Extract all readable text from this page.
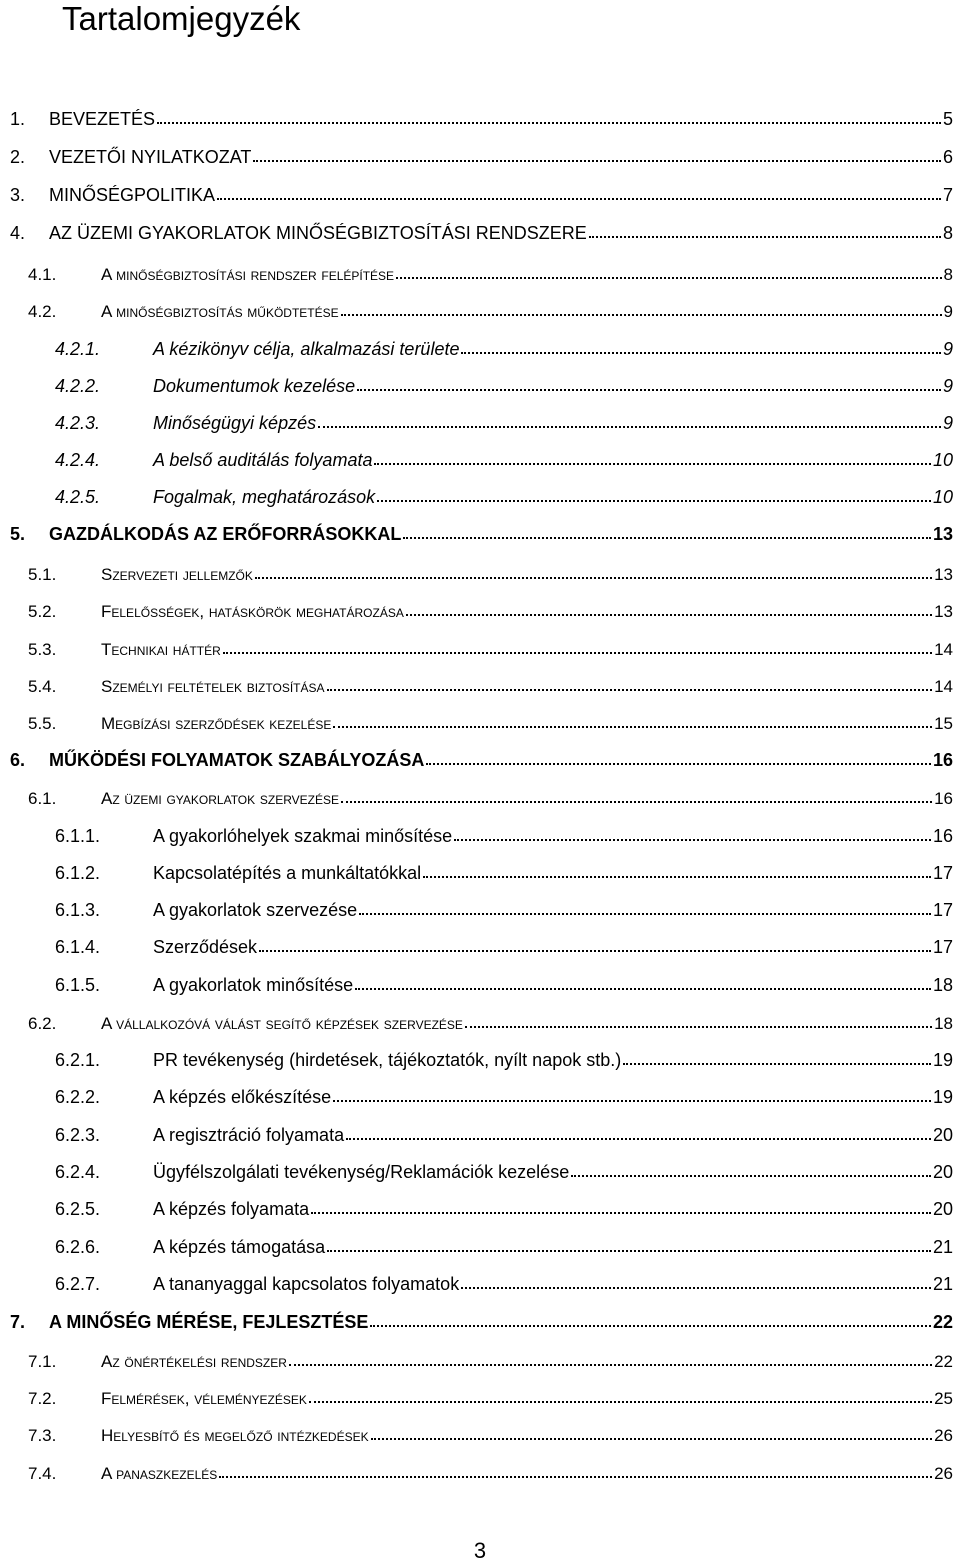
Tartalomjegyzék
1.	BEVEZETÉS	5
2.	VEZETŐI NYILATKOZAT	6
3.	MINŐSÉGPOLITIKA	7
4.	AZ ÜZEMI GYAKORLATOK MINŐSÉGBIZTOSÍTÁSI RENDSZERE	8
4.1.	A minőségbiztosítási rendszer felépítése	8
4.2.	A minőségbiztosítás működtetése	9
4.2.1.	A kézikönyv célja, alkalmazási területe	9
4.2.2.	Dokumentumok kezelése	9
4.2.3.	Minőségügyi képzés	9
4.2.4.	A belső auditálás folyamata	10
4.2.5.	Fogalmak, meghatározások	10
5.	GAZDÁLKODÁS AZ ERŐFORRÁSOKKAL	13
5.1.	Szervezeti jellemzők	13
5.2.	Felelősségek, hatáskörök meghatározása	13
5.3.	Technikai háttér	14
5.4.	Személyi feltételek biztosítása	14
5.5.	Megbízási szerződések kezelése	15
6.	MŰKÖDÉSI FOLYAMATOK SZABÁLYOZÁSA	16
6.1.	Az üzemi gyakorlatok szervezése	16
6.1.1.	A gyakorlóhelyek szakmai minősítése	16
6.1.2.	Kapcsolatépítés a munkáltatókkal	17
6.1.3.	A gyakorlatok szervezése	17
6.1.4.	Szerződések	17
6.1.5.	A gyakorlatok minősítése	18
6.2.	A vállalkozóvá válást segítő képzések szervezése	18
6.2.1.	PR tevékenység (hirdetések, tájékoztatók, nyílt napok stb.)	19
6.2.2.	A képzés előkészítése	19
6.2.3.	A regisztráció folyamata	20
6.2.4.	Ügyfélszolgálati tevékenység/Reklamációk kezelése	20
6.2.5.	A képzés folyamata	20
6.2.6.	A képzés támogatása	21
6.2.7.	A tananyaggal kapcsolatos folyamatok	21
7.	A MINŐSÉG MÉRÉSE, FEJLESZTÉSE	22
7.1.	Az önértékelési rendszer	22
7.2.	Felmérések, véleményezések	25
7.3.	Helyesbítő és megelőző intézkedések	26
7.4.	A panaszkezelés	26
3
